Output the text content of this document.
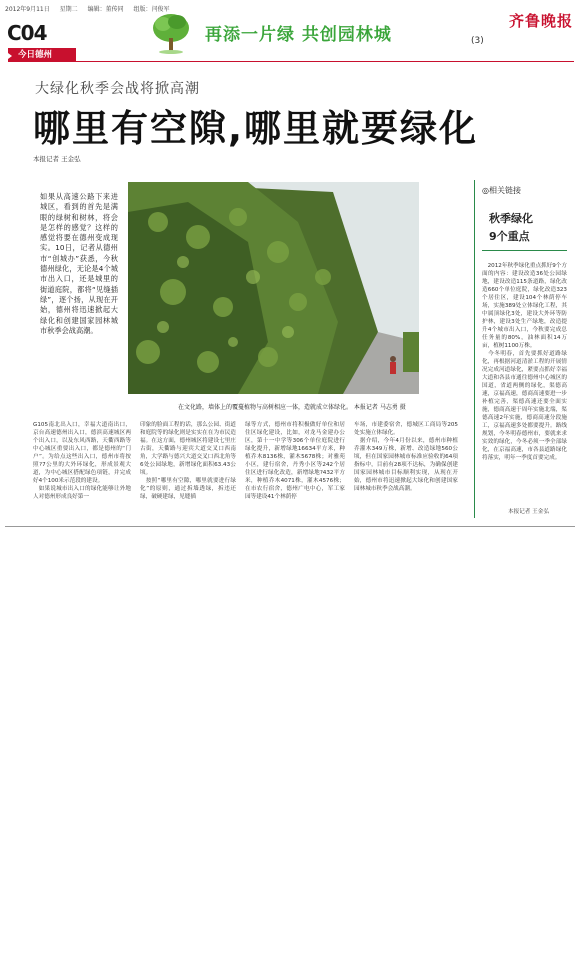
2012年9月11日 星期二 编辑：董传同 组版：闫俊军
C04
今日德州
再添一片绿 共创园林城	(3)
齐鲁晚报
大绿化秋季会战将掀高潮
哪里有空隙,哪里就要绿化
本报记者 王金弘
如果从高速公路下来进城区，看到的首先是满眼的绿树和树林，将会是怎样的感觉？这样的感觉将要在德州变成现实。10日，记者从德州市“创城办”获悉，今秋德州绿化，无论是4个城市出入口，还是城里的街道庭院，都将“见缝插绿”，逐个扬，从现在开始，德州将迅速掀起大绿化和创建国家园林城市秋季会战高潮。
在文化路，墙体上的覆蔓植物与高树相应一体，造就成立体绿化。 本报记者 马志勇 摄
G105南北出入口，幸福大道南出口，京台高速德州出入口，德滨高速城区两个出入口，以及东风西路，天衢西路等中心城区重要出入口，都是德州的“门户”。为给点这些出入口，德州市将按照?7公里的大外环绿化，形成景观大道，为中心城区搭配绿色项链，并完成好4个100米示范段的建设。
　如果说城市出入口的绿化能够让外地人对德州形成良好第一
印象的脸面工程的话，那么公园、街道和庭院等的绿化则是实实在在为市民造福。在这方面，德州城区将建设七里庄古街，天衢路与迎宾大道交叉口西南角，大学路与德兴大道交叉口西北角等6处公园绿地，新增绿化面积63.43公顷。
　按照“哪里有空隙，哪里就要进行绿化”的原则，通过拆墙透绿，拆违还绿，破硬建绿，见缝插
绿等方式，德州市将积极做好单位和居住区绿化建设，比如，对龙马金建办公区，第十一中学等306个单位庭院进行绿化提升，新增绿地16634平方米，种植乔木8136株，灌木5678株；对雅苑小区，建行宿舍，丹秀小区等242个居住区进行绿化改造，新增绿地?432平方米，种植乔木4071株，灌木4576株；在市农行宿舍，德州广电中心，军工家园等建设41个林荫停
车场，市建委宿舍，德城区工商局等205处实施立体绿化。
　据介绍，今年4月份以来，德州市种植乔灌木349万株，新增、改造绿地560公顷，但在国家园林城市标准应验收的64项指标中，目前有28项不达标，为确保创建国家园林城市目标顺利实现，从现在开始，德州市将迅速掀起大绿化和创建国家园林城市秋季会战高潮。
◎相关链接
秋季绿化
9个重点
　2012年秋季绿化重点抓好9个方面的内容：建设改造36处公园绿地，建设改造115条道路，绿化改造660个单位庭院，绿化改造323个居住区，建设104个林荫停车场，实施389处立体绿化工程，其中属顶绿化3处，建设大外环等防护林，建设3处生产绿地，改造提升4个城市出入口，今秋要完成总任务量的80%，油林面积14万亩，植树1100万株。
　今冬明春，首先要抓好道路绿化，再根据河道清淤工程的开展情况完成河道绿化，紧要点抓好幸福大道和各县市通往德州中心城区的国道，省道两侧的绿化，渠德高速，京福高速，德商高速要进一步补植完善，渠德高速还要全面实施，德商高速于周年实施北端，渠德高速2年实施，德商高速分段施工，京福高速多处都要提升。路线规划，今冬明春德州市，要就来求实效的绿化，今冬必须一季全部绿化，在京福高速，市各县道路绿化将落实，明年一季度首要完成。
本报记者 王金弘
